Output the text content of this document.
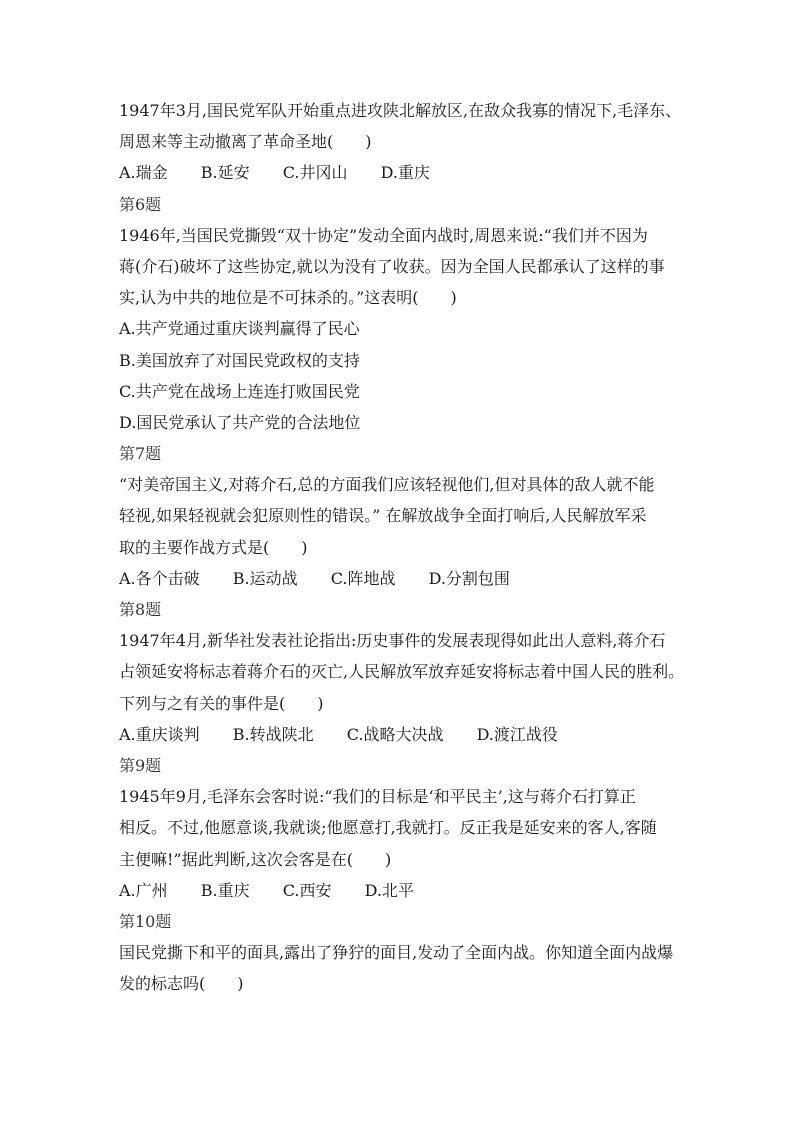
1947年3月,国民党军队开始重点进攻陕北解放区,在敌众我寡的情况下,毛泽东、
周恩来等主动撤离了革命圣地(　　)
A.瑞金 B.延安 C.井冈山 D.重庆
第6题
1946年,当国民党撕毁“双十协定”发动全面内战时,周恩来说:“我们并不因为
蒋(介石)破坏了这些协定,就以为没有了收获。因为全国人民都承认了这样的事
实,认为中共的地位是不可抹杀的。”这表明(　　)
A.共产党通过重庆谈判赢得了民心
B.美国放弃了对国民党政权的支持
C.共产党在战场上连连打败国民党
D.国民党承认了共产党的合法地位
第7题
“对美帝国主义,对蒋介石,总的方面我们应该轻视他们,但对具体的敌人就不能
轻视,如果轻视就会犯原则性的错误。” 在解放战争全面打响后,人民解放军采
取的主要作战方式是(　　)
A.各个击破 B.运动战 C.阵地战 D.分割包围
第8题
1947年4月,新华社发表社论指出:历史事件的发展表现得如此出人意料,蒋介石
占领延安将标志着蒋介石的灭亡,人民解放军放弃延安将标志着中国人民的胜利。
下列与之有关的事件是(　　)
A.重庆谈判 B.转战陕北 C.战略大决战 D.渡江战役
第9题
1945年9月,毛泽东会客时说:“我们的目标是‘和平民主’,这与蒋介石打算正
相反。不过,他愿意谈,我就谈;他愿意打,我就打。反正我是延安来的客人,客随
主便嘛!”据此判断,这次会客是在(　　)
A.广州 B.重庆 C.西安 D.北平
第10题
国民党撕下和平的面具,露出了狰狞的面目,发动了全面内战。你知道全面内战爆
发的标志吗(　　)
